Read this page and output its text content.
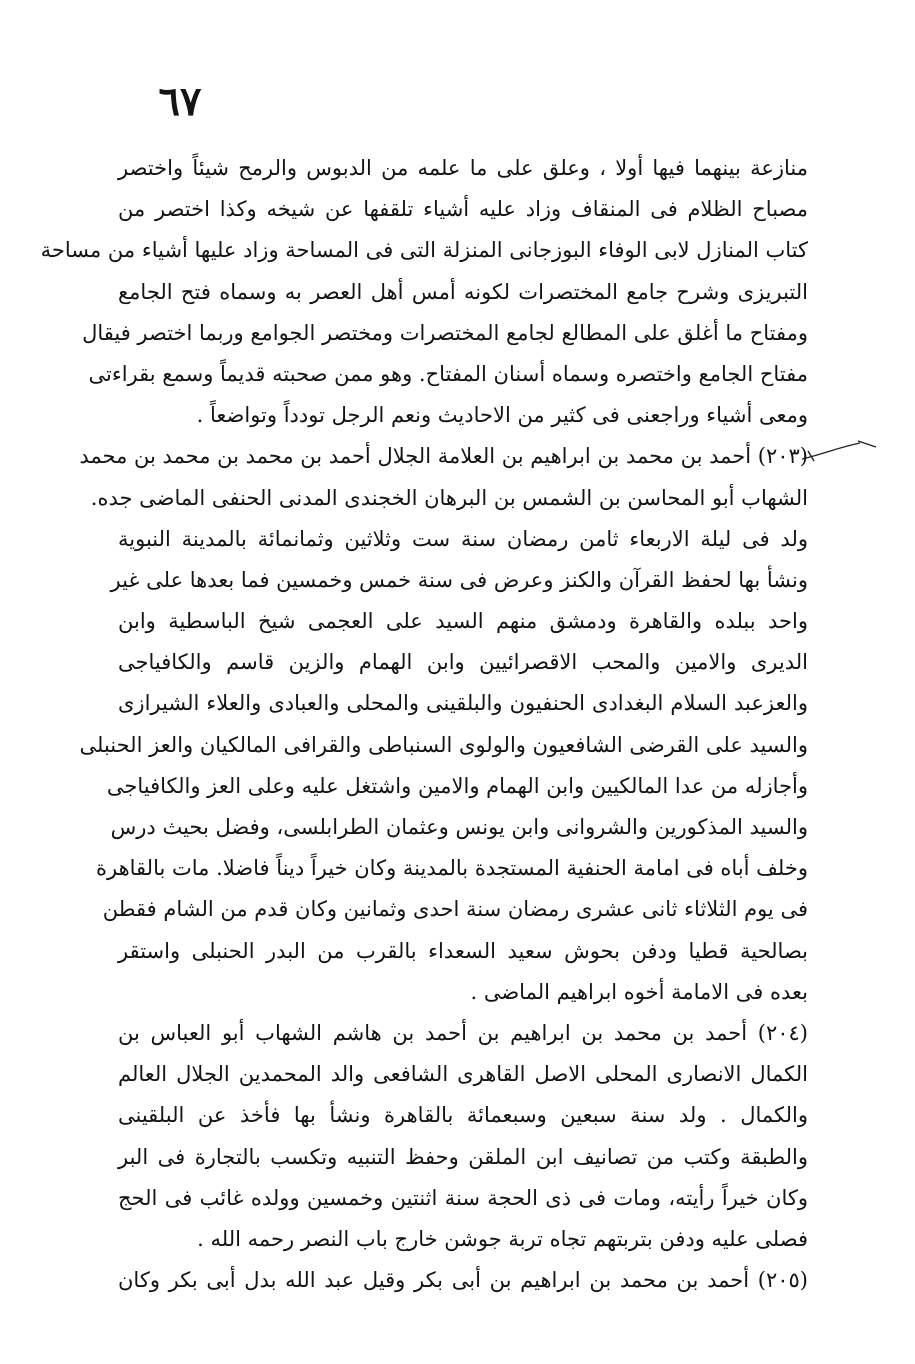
٦٧
منازعة بينهما فيها أولا ، وعلق على ما علمه من الدبوس والرمح شيئاً واختصر
مصباح الظلام فى المنقاف وزاد عليه أشياء تلقفها عن شيخه وكذا اختصر من
كتاب المنازل لابى الوفاء البوزجانى المنزلة التى فى المساحة وزاد عليها أشياء من مساحة
التبريزى وشرح جامع المختصرات لكونه أمس أهل العصر به وسماه فتح الجامع
ومفتاح ما أغلق على المطالع لجامع المختصرات ومختصر الجوامع وربما اختصر فيقال
مفتاح الجامع واختصره وسماه أسنان المفتاح. وهو ممن صحبته قديماً وسمع بقراءتى
ومعى أشياء وراجعنى فى كثير من الاحاديث ونعم الرجل تودداً وتواضعاً .
(٢٠٣) أحمد بن محمد بن ابراهيم بن العلامة الجلال أحمد بن محمد بن محمد بن محمد
الشهاب أبو المحاسن بن الشمس بن البرهان الخجندى المدنى الحنفى الماضى جده.
ولد فى ليلة الاربعاء ثامن رمضان سنة ست وثلاثين وثمانمائة بالمدينة النبوية
ونشأ بها لحفظ القرآن والكنز وعرض فى سنة خمس وخمسين فما بعدها على غير
واحد ببلده والقاهرة ودمشق منهم السيد على العجمى شيخ الباسطية وابن
الديرى والامين والمحب الاقصرائيين وابن الهمام والزين قاسم والكافياجى
والعزعبد السلام البغدادى الحنفيون والبلقينى والمحلى والعبادى والعلاء الشيرازى
والسيد على القرضى الشافعيون والولوى السنباطى والقرافى المالكيان والعز الحنبلى
وأجازله من عدا المالكيين وابن الهمام والامين واشتغل عليه وعلى العز والكافياجى
والسيد المذكورين والشروانى وابن يونس وعثمان الطرابلسى، وفضل بحيث درس
وخلف أباه فى امامة الحنفية المستجدة بالمدينة وكان خيراً ديناً فاضلا. مات بالقاهرة
فى يوم الثلاثاء ثانى عشرى رمضان سنة احدى وثمانين وكان قدم من الشام فقطن
بصالحية قطيا ودفن بحوش سعيد السعداء بالقرب من البدر الحنبلى واستقر
بعده فى الامامة أخوه ابراهيم الماضى .
(٢٠٤) أحمد بن محمد بن ابراهيم بن أحمد بن هاشم الشهاب أبو العباس بن
الكمال الانصارى المحلى الاصل القاهرى الشافعى والد المحمدين الجلال العالم
والكمال . ولد سنة سبعين وسبعمائة بالقاهرة ونشأ بها فأخذ عن البلقينى
والطبقة وكتب من تصانيف ابن الملقن وحفظ التنبيه وتكسب بالتجارة فى البر
وكان خيراً رأيته، ومات فى ذى الحجة سنة اثنتين وخمسين وولده غائب فى الحج
فصلى عليه ودفن بتربتهم تجاه تربة جوشن خارج باب النصر رحمه الله .
(٢٠٥) أحمد بن محمد بن ابراهيم بن أبى بكر وقيل عبد الله بدل أبى بكر وكان
